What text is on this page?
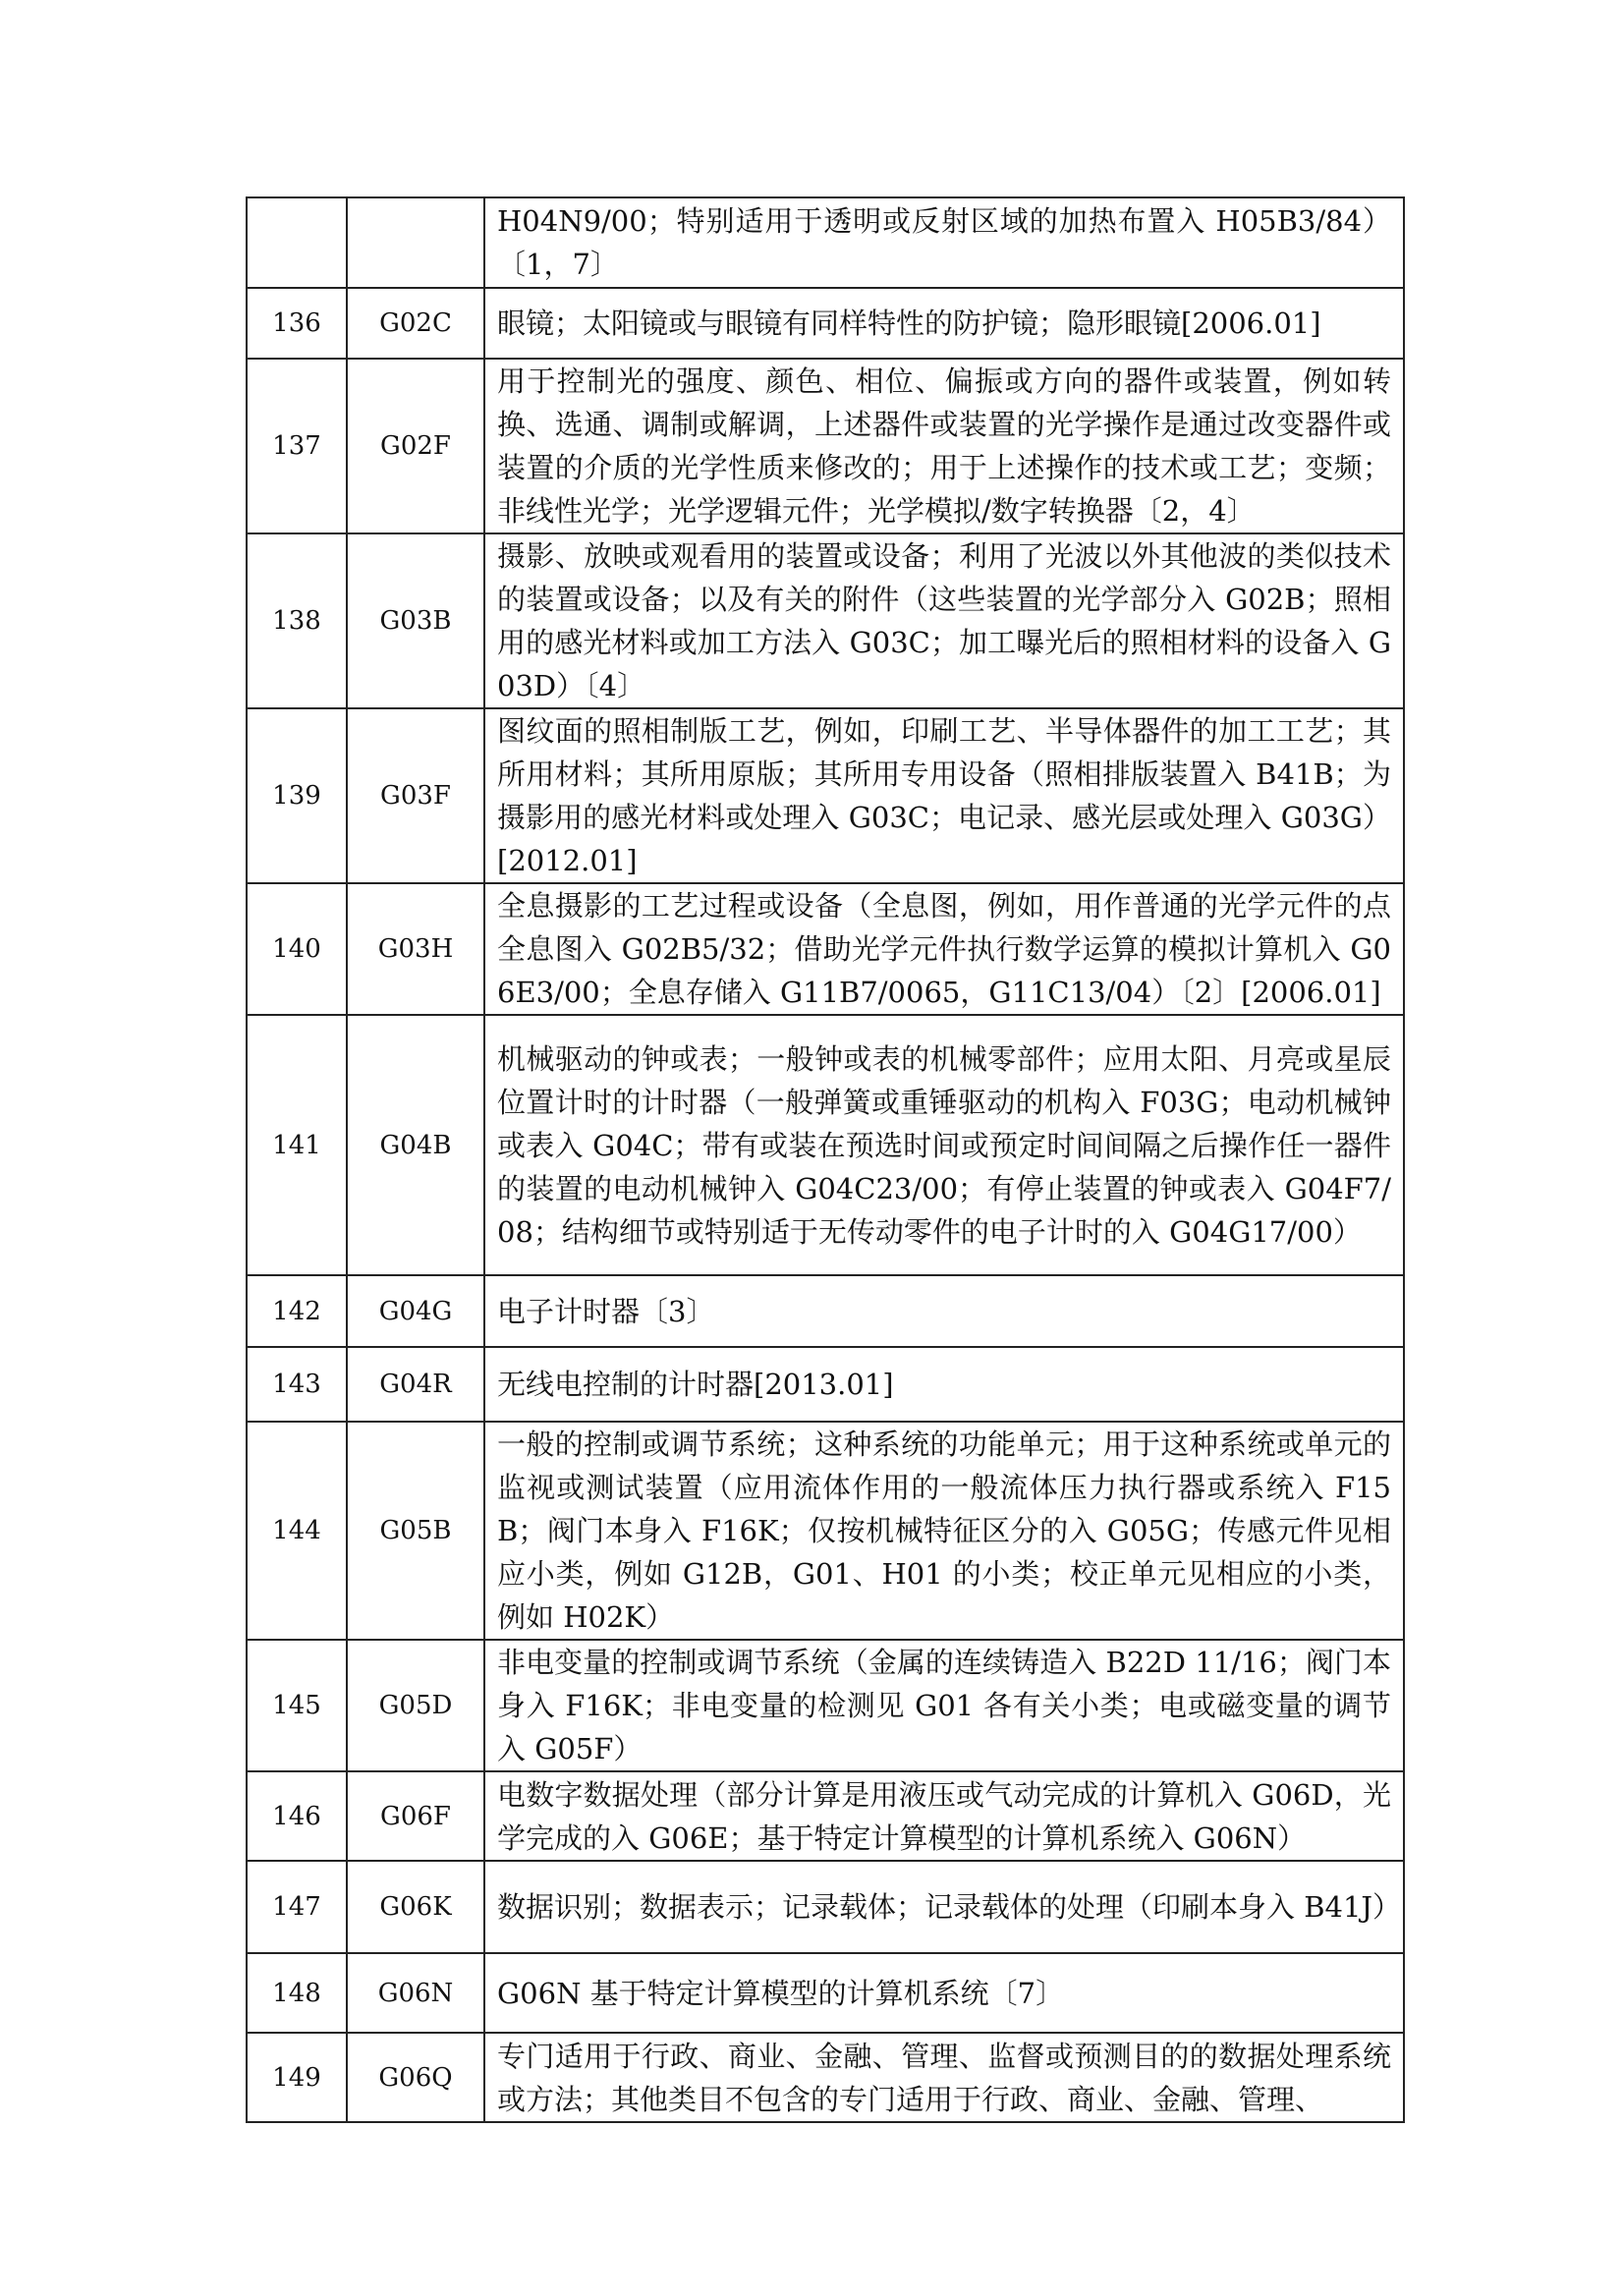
		H04N9/00；特别适用于透明或反射区域的加热布置入 H05B3/84）〔1，7〕
136	G02C	眼镜；太阳镜或与眼镜有同样特性的防护镜；隐形眼镜[2006.01]
137	G02F	用于控制光的强度、颜色、相位、偏振或方向的器件或装置，例如转换、选通、调制或解调，上述器件或装置的光学操作是通过改变器件或装置的介质的光学性质来修改的；用于上述操作的技术或工艺；变频；非线性光学；光学逻辑元件；光学模拟/数字转换器〔2，4〕
138	G03B	摄影、放映或观看用的装置或设备；利用了光波以外其他波的类似技术的装置或设备；以及有关的附件（这些装置的光学部分入 G02B；照相用的感光材料或加工方法入 G03C；加工曝光后的照相材料的设备入 G03D）〔4〕
139	G03F	图纹面的照相制版工艺，例如，印刷工艺、半导体器件的加工工艺；其所用材料；其所用原版；其所用专用设备（照相排版装置入 B41B；为摄影用的感光材料或处理入 G03C；电记录、感光层或处理入 G03G）[2012.01]
140	G03H	全息摄影的工艺过程或设备（全息图，例如，用作普通的光学元件的点全息图入 G02B5/32；借助光学元件执行数学运算的模拟计算机入 G06E3/00；全息存储入 G11B7/0065，G11C13/04）〔2〕[2006.01]
141	G04B	机械驱动的钟或表；一般钟或表的机械零部件；应用太阳、月亮或星辰位置计时的计时器（一般弹簧或重锤驱动的机构入 F03G；电动机械钟或表入 G04C；带有或装在预选时间或预定时间间隔之后操作任一器件的装置的电动机械钟入 G04C23/00；有停止装置的钟或表入 G04F7/08；结构细节或特别适于无传动零件的电子计时的入 G04G17/00）
142	G04G	电子计时器〔3〕
143	G04R	无线电控制的计时器[2013.01]
144	G05B	一般的控制或调节系统；这种系统的功能单元；用于这种系统或单元的监视或测试装置（应用流体作用的一般流体压力执行器或系统入 F15B；阀门本身入 F16K；仅按机械特征区分的入 G05G；传感元件见相应小类，例如 G12B，G01、H01 的小类；校正单元见相应的小类，例如 H02K）
145	G05D	非电变量的控制或调节系统（金属的连续铸造入 B22D 11/16；阀门本身入 F16K；非电变量的检测见 G01 各有关小类；电或磁变量的调节入 G05F）
146	G06F	电数字数据处理（部分计算是用液压或气动完成的计算机入 G06D，光学完成的入 G06E；基于特定计算模型的计算机系统入 G06N）
147	G06K	数据识别；数据表示；记录载体；记录载体的处理（印刷本身入 B41J）
148	G06N	G06N 基于特定计算模型的计算机系统〔7〕
149	G06Q	专门适用于行政、商业、金融、管理、监督或预测目的的数据处理系统或方法；其他类目不包含的专门适用于行政、商业、金融、管理、
